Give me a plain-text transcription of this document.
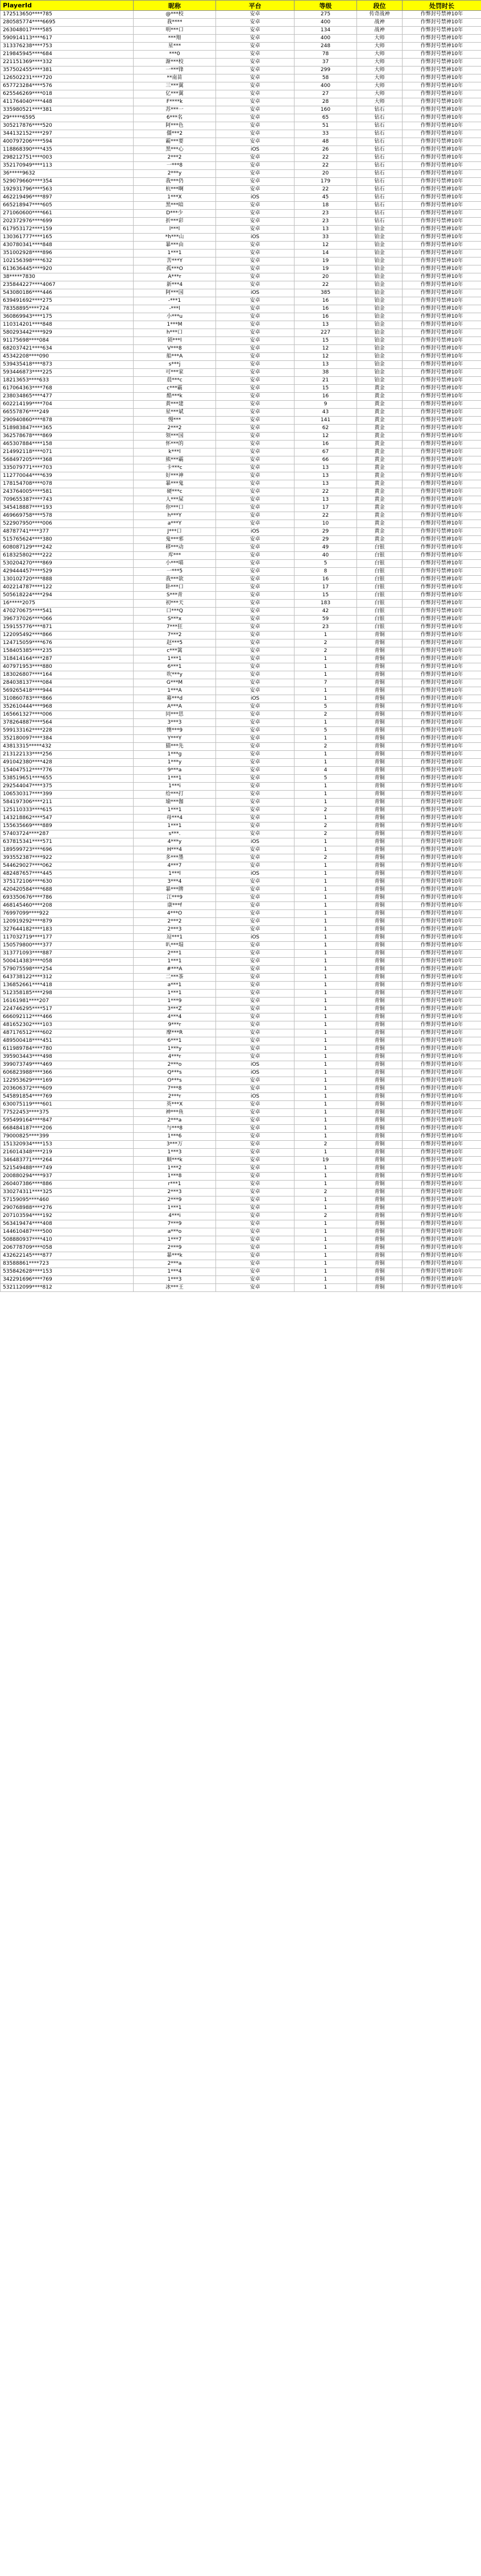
PlayerId	昵称	平台	等级	段位	处罚时长
172513650****785	@***校	安卓	275	传奇战神	作弊封号禁神10年
280585774****6695	我****	安卓	400	战神	作弊封号禁神10年
263048017****585	明***口	安卓	134	战神	作弊封号禁神10年
590914113****617	***翔	安卓	400	大师	作弊封号禁神10年
313376238****753	星***	安卓	248	大师	作弊封号禁神10年
219845945****684	***0	安卓	78	大师	作弊封号禁神10年
221151369****332	渐***校	安卓	37	大师	作弊封号禁神10年
357502455****381	一***锋	安卓	299	大师	作弊封号禁神10年
126502231****720	**南苗	安卓	58	大师	作弊封号禁神10年
657723284****576	三***翼	安卓	400	大师	作弊封号禁神10年
625546269****018	亿***翼	安卓	27	大师	作弊封号禁神10年
411764040****448	F****k	安卓	28	大师	作弊封号禁神10年
335980521****381	苏***一	安卓	160	钻石	作弊封号禁神10年
29*****6595	6***名	安卓	65	钻石	作弊封号禁神10年
305217876****520	阿***色	安卓	51	钻石	作弊封号禁神10年
344132152****297	僵***2	安卓	33	钻石	作弊封号禁神10年
400797206****594	霸***要	安卓	48	钻石	作弊封号禁神10年
118868390****435	黑***心	iOS	26	钻石	作弊封号禁神10年
298212751****003	2***2	安卓	22	钻石	作弊封号禁神10年
352170949****113	一***8	安卓	22	钻石	作弊封号禁神10年
36*****9632	2***y	安卓	20	钻石	作弊封号禁神10年
529079660****354	我***仍	安卓	179	钻石	作弊封号禁神10年
192931796****563	杭***啊	安卓	22	钻石	作弊封号禁神10年
462219496****897	1***X	iOS	45	钻石	作弊封号禁神10年
665218947****605	黑***暗	安卓	18	钻石	作弊封号禁神10年
271060600****661	D***少	安卓	23	钻石	作弊封号禁神10年
202372976****699	折***彩	安卓	23	钻石	作弊封号禁神10年
617953172****159	l***l	安卓	13	铂金	作弊封号禁神10年
130361777****165	*h***山	iOS	33	铂金	作弊封号禁神10年
430780341****848	暴***由	安卓	12	铂金	作弊封号禁神10年
351002928****896	1***1	安卓	14	铂金	作弊封号禁神10年
102156398****632	苦***Y	安卓	19	铂金	作弊封号禁神10年
613636445****920	孤***O	安卓	19	铂金	作弊封号禁神10年
38*****7830	A***r	安卓	20	铂金	作弊封号禁神10年
235844227****4067	新***4	安卓	22	铂金	作弊封号禁神10年
543080186****446	阿***国	iOS	385	铂金	作弊封号禁神10年
639491692****275	-***1	安卓	16	铂金	作弊封号禁神10年
78358895****724	-***l	安卓	16	铂金	作弊封号禁神10年
360869943****175	小***u	安卓	16	铂金	作弊封号禁神10年
110314201****848	1***M	安卓	13	铂金	作弊封号禁神10年
580293442****929	h***口	安卓	227	铂金	作弊封号禁神10年
91175698****084	锁***l	安卓	15	铂金	作弊封号禁神10年
682037421****634	V***8	安卓	12	铂金	作弊封号禁神10年
45342208****090	船***A	安卓	12	铂金	作弊封号禁神10年
539435418****873	s***j	安卓	13	铂金	作弊封号禁神10年
593446873****225	可***家	安卓	38	铂金	作弊封号禁神10年
18213653****633	晨***c	安卓	21	铂金	作弊封号禁神10年
617064363****768	c***霸	安卓	15	黄金	作弊封号禁神10年
238034865****477	酷***k	安卓	16	黄金	作弊封号禁神10年
602214199****704	黄***建	安卓	9	黄金	作弊封号禁神10年
66557876****249	星***斌	安卓	43	黄金	作弊封号禁神10年
290940860****878	慢***	安卓	141	黄金	作弊封号禁神10年
518983847****365	2***2	安卓	62	黄金	作弊封号禁神10年
362578678****869	领***国	安卓	12	黄金	作弊封号禁神10年
465307884****158	怀***的	安卓	16	黄金	作弊封号禁神10年
214992118****071	k***l	安卓	67	黄金	作弊封号禁神10年
568497205****368	熊***霸	安卓	66	黄金	作弊封号禁神10年
335079771****703	卡***c	安卓	13	黄金	作弊封号禁神10年
112770044****639	好***神	安卓	13	黄金	作弊封号禁神10年
178154708****078	暴***鬼	安卓	13	黄金	作弊封号禁神10年
243764005****581	硬***c	安卓	22	黄金	作弊封号禁神10年
709655387****743	人***屎	安卓	13	黄金	作弊封号禁神10年
345418887****193	你***口	安卓	17	黄金	作弊封号禁神10年
469669758****578	h***Y	安卓	22	黄金	作弊封号禁神10年
522907950****006	a***Y	安卓	10	黄金	作弊封号禁神10年
48787741****377	J***口	iOS	29	黄金	作弊封号禁神10年
515765624****380	鬼***邪	安卓	29	黄金	作弊封号禁神10年
608087129****242	移***动	安卓	49	白银	作弊封号禁神10年
618325802****222	库***	安卓	40	白银	作弊封号禁神10年
530204270****869	小***喵	安卓	5	白银	作弊封号禁神10年
429444457****529	一***5	安卓	8	白银	作弊封号禁神10年
130102720****888	我***欲	安卓	16	白银	作弊封号禁神10年
402214787****122	卧***口	安卓	17	白银	作弊封号禁神10年
505618224****294	S***青	安卓	15	白银	作弊封号禁神10年
16*****2075	初***天	安卓	183	白银	作弊封号禁神10年
470270675****541	口***Q	安卓	42	白银	作弊封号禁神10年
396737026****066	S***x	安卓	59	白银	作弊封号禁神10年
159155776****871	7***狂	安卓	23	白银	作弊封号禁神10年
122095492****866	7***2	安卓	1	青铜	作弊封号禁神10年
124715059****676	赵***5	安卓	2	青铜	作弊封号禁神10年
158405385****235	c***篱	安卓	2	青铜	作弊封号禁神10年
318414164****287	1***1	安卓	1	青铜	作弊封号禁神10年
407971953****880	6***1	安卓	1	青铜	作弊封号禁神10年
183026807****164	吹***y	安卓	1	青铜	作弊封号禁神10年
284038137****084	G***M	安卓	7	青铜	作弊封号禁神10年
569265418****944	1***A	安卓	1	青铜	作弊封号禁神10年
310860783****866	幕***d	iOS	1	青铜	作弊封号禁神10年
352610444****968	A***A	安卓	5	青铜	作弊封号禁神10年
165661327****006	同***思	安卓	2	青铜	作弊封号禁神10年
378264887****564	3***3	安卓	1	青铜	作弊封号禁神10年
599133162****228	懊***9	安卓	5	青铜	作弊封号禁神10年
352180097****384	Y***Y	安卓	1	青铜	作弊封号禁神10年
43813315*****432	猫***先	安卓	2	青铜	作弊封号禁神10年
213122133****256	1***g	安卓	1	青铜	作弊封号禁神10年
491042380****428	1***y	安卓	1	青铜	作弊封号禁神10年
154047512****776	9***a	安卓	4	青铜	作弊封号禁神10年
538519651****655	1***1	安卓	5	青铜	作弊封号禁神10年
292544047****375	1***i	安卓	1	青铜	作弊封号禁神10年
106530317****399	给***打	安卓	1	青铜	作弊封号禁神10年
584197306****211	瑜***伽	安卓	1	青铜	作弊封号禁神10年
125110333****615	1***1	安卓	2	青铜	作弊封号禁神10年
143218862****547	母***4	安卓	1	青铜	作弊封号禁神10年
155635669****889	1***1	安卓	2	青铜	作弊封号禁神10年
57403724****287	s***.	安卓	2	青铜	作弊封号禁神10年
637815341****571	4***y	iOS	1	青铜	作弊封号禁神10年
189599723****696	H***4	安卓	1	青铜	作弊封号禁神10年
393552387****922	多***墨	安卓	2	青铜	作弊封号禁神10年
544629027****062	4***7	安卓	1	青铜	作弊封号禁神10年
482487657****445	1***l	iOS	1	青铜	作弊封号禁神10年
375172106****630	3***4	安卓	1	青铜	作弊封号禁神10年
420420584****688	暴***牌	安卓	1	青铜	作弊封号禁神10年
693350676****786	江***9	安卓	1	青铜	作弊封号禁神10年
468145460****208	康***f	安卓	1	青铜	作弊封号禁神10年
76997099****922	4***O	安卓	1	青铜	作弊封号禁神10年
120919292****879	2***2	安卓	1	青铜	作弊封号禁神10年
327644182****183	2***3	安卓	1	青铜	作弊封号禁神10年
117032719****177	逗***1	iOS	1	青铜	作弊封号禁神10年
150579800****377	叭***塌	安卓	1	青铜	作弊封号禁神10年
313771093****887	2***1	安卓	1	青铜	作弊封号禁神10年
500414383****058	1***1	安卓	1	青铜	作弊封号禁神10年
579075598****254	#***A	安卓	1	青铜	作弊封号禁神10年
643738122****312	二***茶	安卓	1	青铜	作弊封号禁神10年
136852661****418	a***1	安卓	1	青铜	作弊封号禁神10年
512358185****298	1***1	安卓	1	青铜	作弊封号禁神10年
16161981****207	1***9	安卓	1	青铜	作弊封号禁神10年
224746295****517	3***Z	安卓	1	青铜	作弊封号禁神10年
666092112****466	4***4	安卓	1	青铜	作弊封号禁神10年
481652302****103	9***r	安卓	1	青铜	作弊封号禁神10年
487176512****602	摩***R	安卓	1	青铜	作弊封号禁神10年
489500418****451	6***1	安卓	1	青铜	作弊封号禁神10年
611989784****780	1***y	安卓	1	青铜	作弊封号禁神10年
395903443****498	4***r	安卓	1	青铜	作弊封号禁神10年
399073749****469	2***o	iOS	1	青铜	作弊封号禁神10年
606823988****366	Q***s	iOS	1	青铜	作弊封号禁神10年
122953629****169	O***s	安卓	1	青铜	作弊封号禁神10年
203606372****609	7***8	安卓	1	青铜	作弊封号禁神10年
545891854****769	2***r	iOS	1	青铜	作弊封号禁神10年
630075119****601	英***X	安卓	1	青铜	作弊封号禁神10年
77522453****375	神***鱼	安卓	1	青铜	作弊封号禁神10年
595499164****847	2***a	安卓	1	青铜	作弊封号禁神10年
668484187****206	与***8	安卓	1	青铜	作弊封号禁神10年
79000825****399	1***6	安卓	1	青铜	作弊封号禁神10年
151320934****153	3***万	安卓	2	青铜	作弊封号禁神10年
216014348****219	1***3	安卓	1	青铜	作弊封号禁神10年
346483771****264	顺***k	安卓	19	青铜	作弊封号禁神10年
521549488****749	1***2	安卓	1	青铜	作弊封号禁神10年
200880294****937	1***8	安卓	1	青铜	作弊封号禁神10年
260407386****886	r***1	安卓	1	青铜	作弊封号禁神10年
330274311****325	2***3	安卓	2	青铜	作弊封号禁神10年
57159095****460	2***9	安卓	1	青铜	作弊封号禁神10年
290768988****276	1***1	安卓	1	青铜	作弊封号禁神10年
207103594****192	4***i	安卓	2	青铜	作弊封号禁神10年
563419474****408	7***9	安卓	1	青铜	作弊封号禁神10年
144610487****500	a***o	安卓	1	青铜	作弊封号禁神10年
508880937****410	1***7	安卓	1	青铜	作弊封号禁神10年
206778709****058	2***9	安卓	1	青铜	作弊封号禁神10年
432622145****877	暴***k	安卓	1	青铜	作弊封号禁神10年
83588861****723	2***a	安卓	1	青铜	作弊封号禁神10年
535842628****153	1***4	安卓	1	青铜	作弊封号禁神10年
342291696****769	1***3	安卓	1	青铜	作弊封号禁神10年
532112099****812	冰***王	安卓	1	青铜	作弊封号禁神10年
